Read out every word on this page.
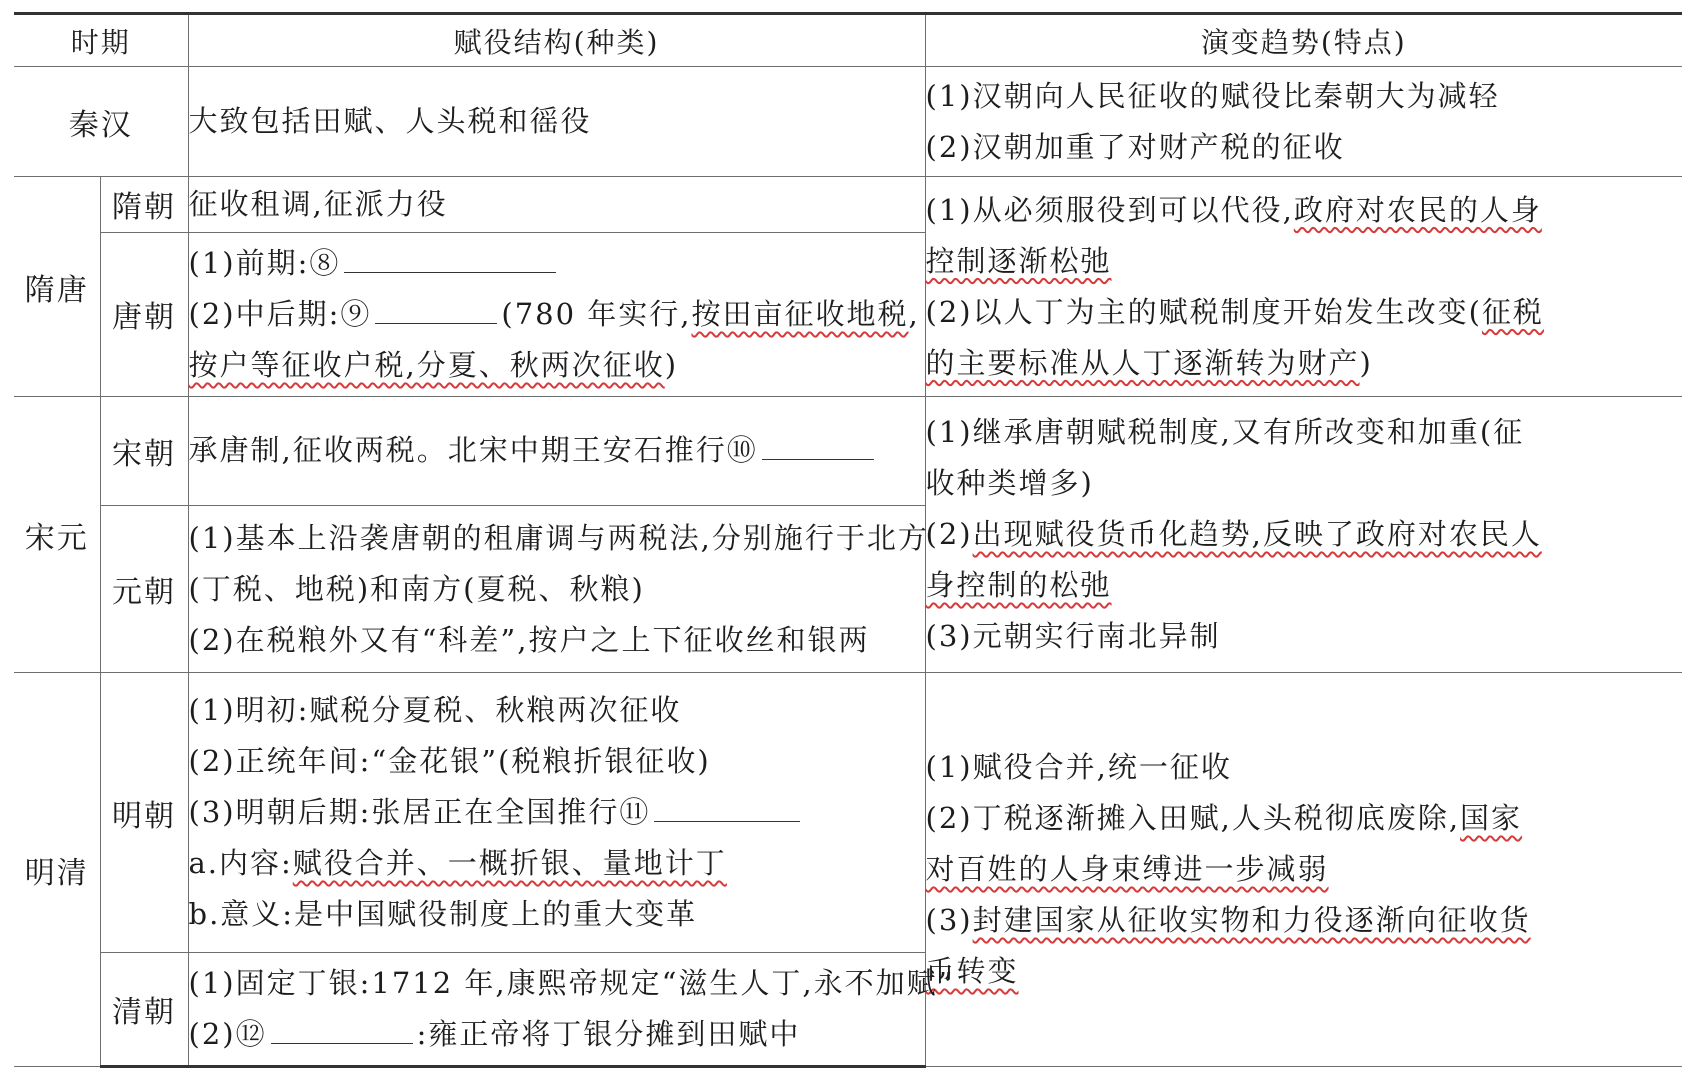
时期		赋役结构(种类)	演变趋势(特点)
秦汉		大致包括田赋、人头税和徭役	(1)汉朝向人民征收的赋役比秦朝大为减轻
(2)汉朝加重了对财产税的征收

隋唐	隋朝	征收租调,征派力役	(1)从必须服役到可以代役,政府对农民的人身
控制逐渐松弛
(2)以人丁为主的赋税制度开始发生改变(征税
的主要标准从人丁逐渐转为财产)

	唐朝	(1)前期:⑧
(2)中后期:⑨ (780 年实行,按田亩征收地税,
按户等征收户税,分夏、秋两次征收)	

宋元	宋朝	承唐制,征收两税。北宋中期王安石推行⑩	(1)继承唐朝赋税制度,又有所改变和加重(征
收种类增多)
(2)出现赋役货币化趋势,反映了政府对农民人
身控制的松弛
(3)元朝实行南北异制

	元朝	(1)基本上沿袭唐朝的租庸调与两税法,分别施行于北方
(丁税、地税)和南方(夏税、秋粮)
(2)在税粮外又有“科差”,按户之上下征收丝和银两	

明清	明朝	(1)明初:赋税分夏税、秋粮两次征收
(2)正统年间:“金花银”(税粮折银征收)
(3)明朝后期:张居正在全国推行⑪
a.内容:赋役合并、一概折银、量地计丁
b.意义:是中国赋役制度上的重大变革	(1)赋役合并,统一征收
(2)丁税逐渐摊入田赋,人头税彻底废除,国家
对百姓的人身束缚进一步减弱
(3)封建国家从征收实物和力役逐渐向征收货
币转变

	清朝	(1)固定丁银:1712 年,康熙帝规定“滋生人丁,永不加赋”
(2)⑫ :雍正帝将丁银分摊到田赋中	
